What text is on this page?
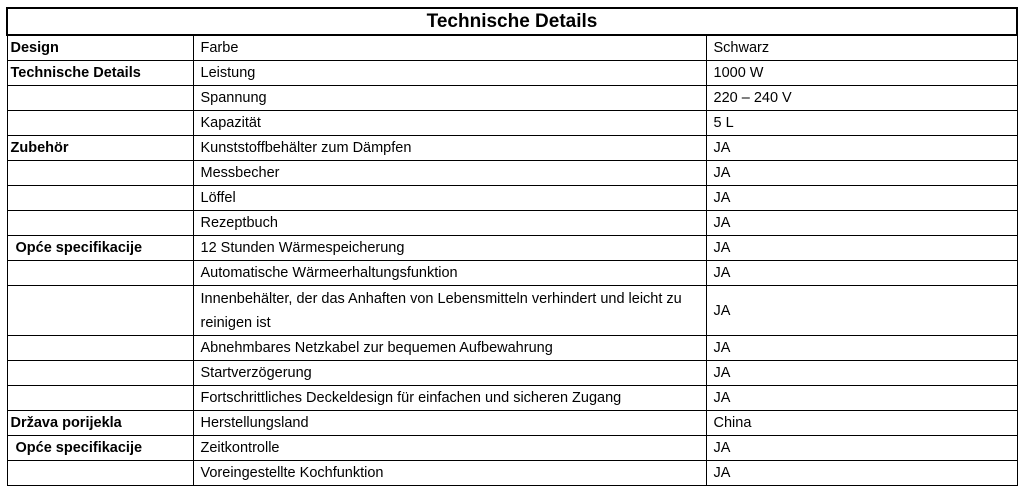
Technische Details		
Design	Farbe	Schwarz
Technische Details	Leistung	1000 W
	Spannung	220 – 240 V
	Kapazität	5 L
Zubehör	Kunststoffbehälter zum Dämpfen	JA
	Messbecher	JA
	Löffel	JA
	Rezeptbuch	JA
Opće specifikacije	12 Stunden Wärmespeicherung	JA
	Automatische Wärmeerhaltungsfunktion	JA
	Innenbehälter, der das Anhaften von Lebensmitteln verhindert und leicht zu reinigen ist	JA
	Abnehmbares Netzkabel zur bequemen Aufbewahrung	JA
	Startverzögerung	JA
	Fortschrittliches Deckeldesign für einfachen und sicheren Zugang	JA
Država porijekla	Herstellungsland	China
Opće specifikacije	Zeitkontrolle	JA
	Voreingestellte Kochfunktion	JA
